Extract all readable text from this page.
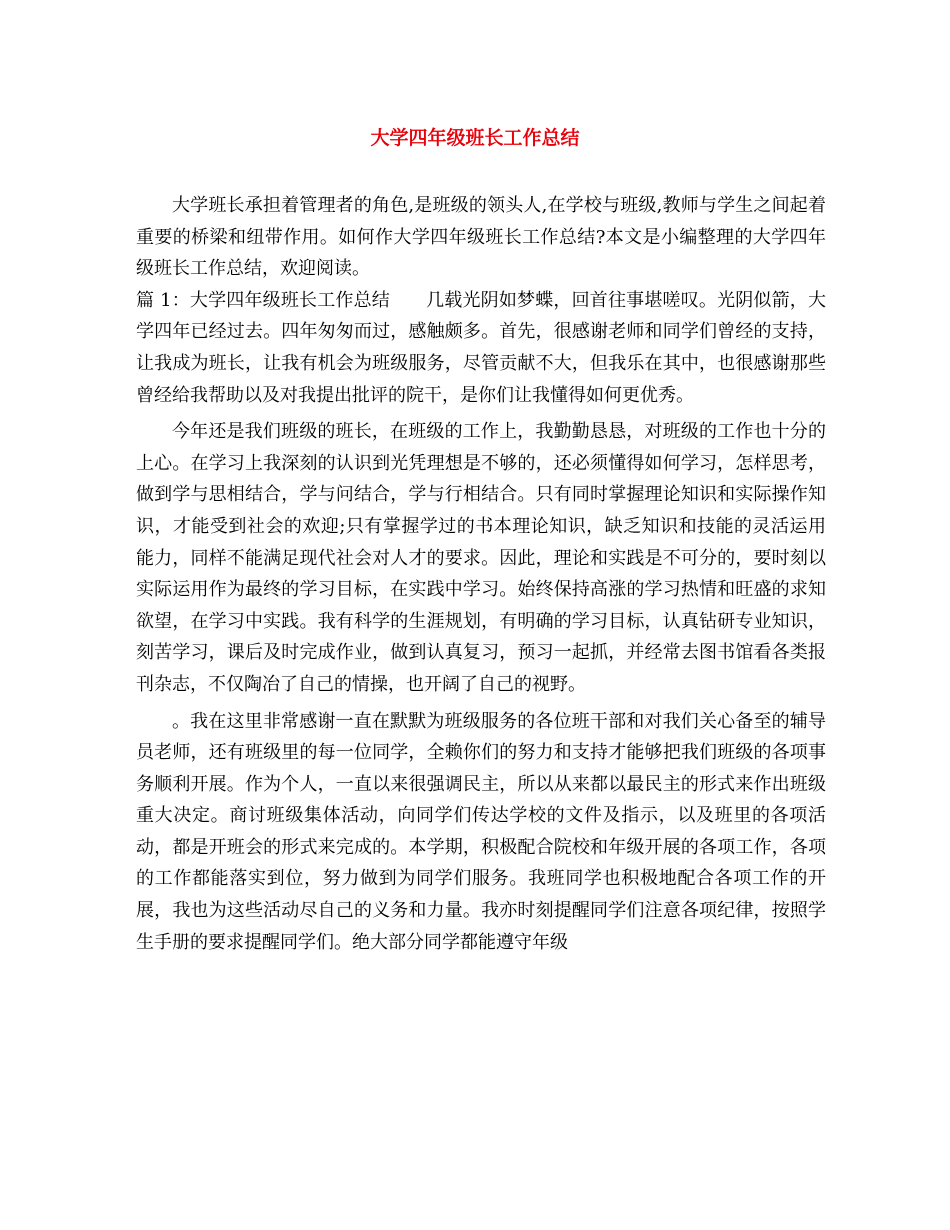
大学四年级班长工作总结

大学班长承担着管理者的角色,是班级的领头人,在学校与班级,教师与学生之间起着重要的桥梁和纽带作用。如何作大学四年级班长工作总结?本文是小编整理的大学四年级班长工作总结，欢迎阅读。

篇 1：大学四年级班长工作总结 几载光阴如梦蝶，回首往事堪嗟叹。光阴似箭，大学四年已经过去。四年匆匆而过，感触颇多。首先，很感谢老师和同学们曾经的支持，让我成为班长，让我有机会为班级服务，尽管贡献不大，但我乐在其中，也很感谢那些曾经给我帮助以及对我提出批评的院干，是你们让我懂得如何更优秀。

今年还是我们班级的班长，在班级的工作上，我勤勤恳恳，对班级的工作也十分的上心。在学习上我深刻的认识到光凭理想是不够的，还必须懂得如何学习，怎样思考，做到学与思相结合，学与问结合，学与行相结合。只有同时掌握理论知识和实际操作知识，才能受到社会的欢迎;只有掌握学过的书本理论知识，缺乏知识和技能的灵活运用能力，同样不能满足现代社会对人才的要求。因此，理论和实践是不可分的，要时刻以实际运用作为最终的学习目标，在实践中学习。始终保持高涨的学习热情和旺盛的求知欲望，在学习中实践。我有科学的生涯规划，有明确的学习目标，认真钻研专业知识，刻苦学习，课后及时完成作业，做到认真复习，预习一起抓，并经常去图书馆看各类报刊杂志，不仅陶冶了自己的情操，也开阔了自己的视野。

。我在这里非常感谢一直在默默为班级服务的各位班干部和对我们关心备至的辅导员老师，还有班级里的每一位同学，全赖你们的努力和支持才能够把我们班级的各项事务顺利开展。作为个人，一直以来很强调民主，所以从来都以最民主的形式来作出班级重大决定。商讨班级集体活动，向同学们传达学校的文件及指示，以及班里的各项活动，都是开班会的形式来完成的。本学期，积极配合院校和年级开展的各项工作，各项的工作都能落实到位，努力做到为同学们服务。我班同学也积极地配合各项工作的开展，我也为这些活动尽自己的义务和力量。我亦时刻提醒同学们注意各项纪律，按照学生手册的要求提醒同学们。绝大部分同学都能遵守年级
